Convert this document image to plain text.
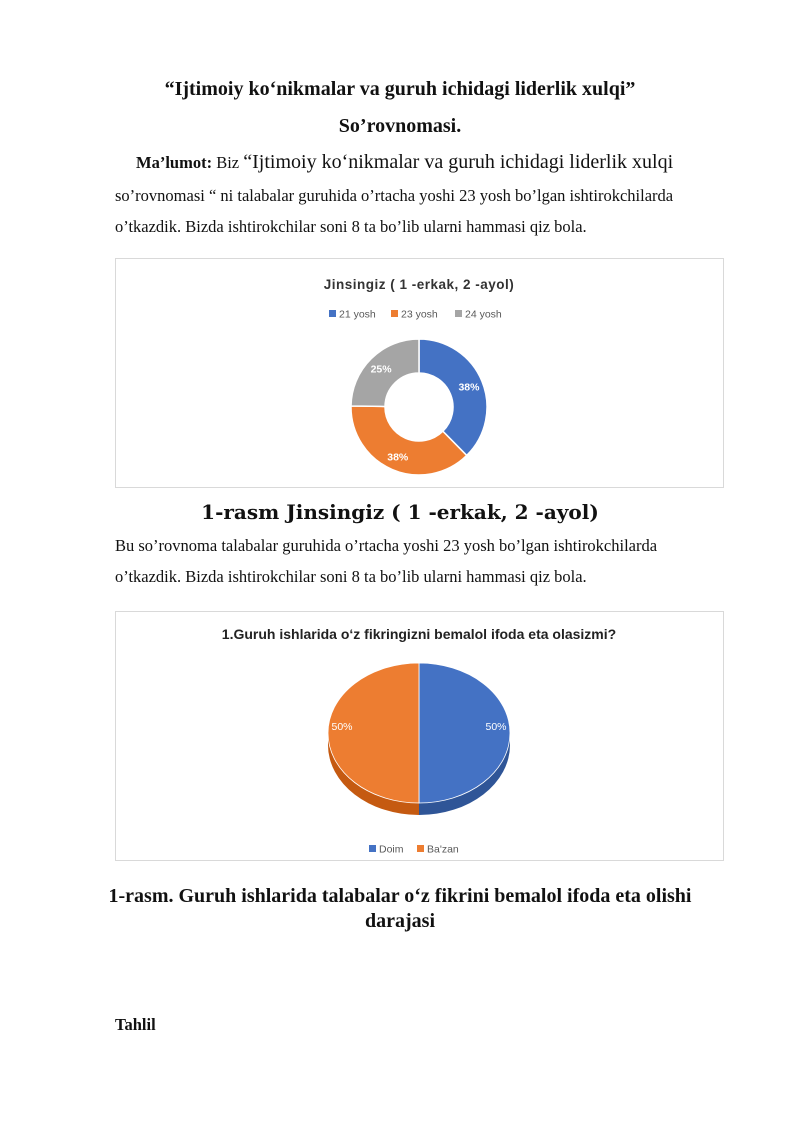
“Ijtimoiy ko‘nikmalar va guruh ichidagi liderlik xulqi”
So’rovnomasi.
Ma’lumot: Biz “Ijtimoiy ko‘nikmalar va guruh ichidagi liderlik xulqi
so’rovnomasi “ ni talabalar guruhida o’rtacha yoshi 23 yosh bo’lgan ishtirokchilarda
o’tkazdik. Bizda ishtirokchilar soni 8 ta bo’lib ularni hammasi qiz bola.
Jinsingiz ( 1 -erkak, 2 -ayol)
21 yosh 23 yosh	24 yosh
38%
38%
25%
1-rasm Jinsingiz ( 1 -erkak, 2 -ayol)
Bu so’rovnoma talabalar guruhida o’rtacha yoshi 23 yosh bo’lgan ishtirokchilarda
o’tkazdik. Bizda ishtirokchilar soni 8 ta bo’lib ularni hammasi qiz bola.
1.Guruh ishlarida o‘z fikringizni bemalol ifoda eta olasizmi?
50%
50%
Doim Ba'zan
1-rasm. Guruh ishlarida talabalar o‘z fikrini bemalol ifoda eta olishi
darajasi
Tahlil
